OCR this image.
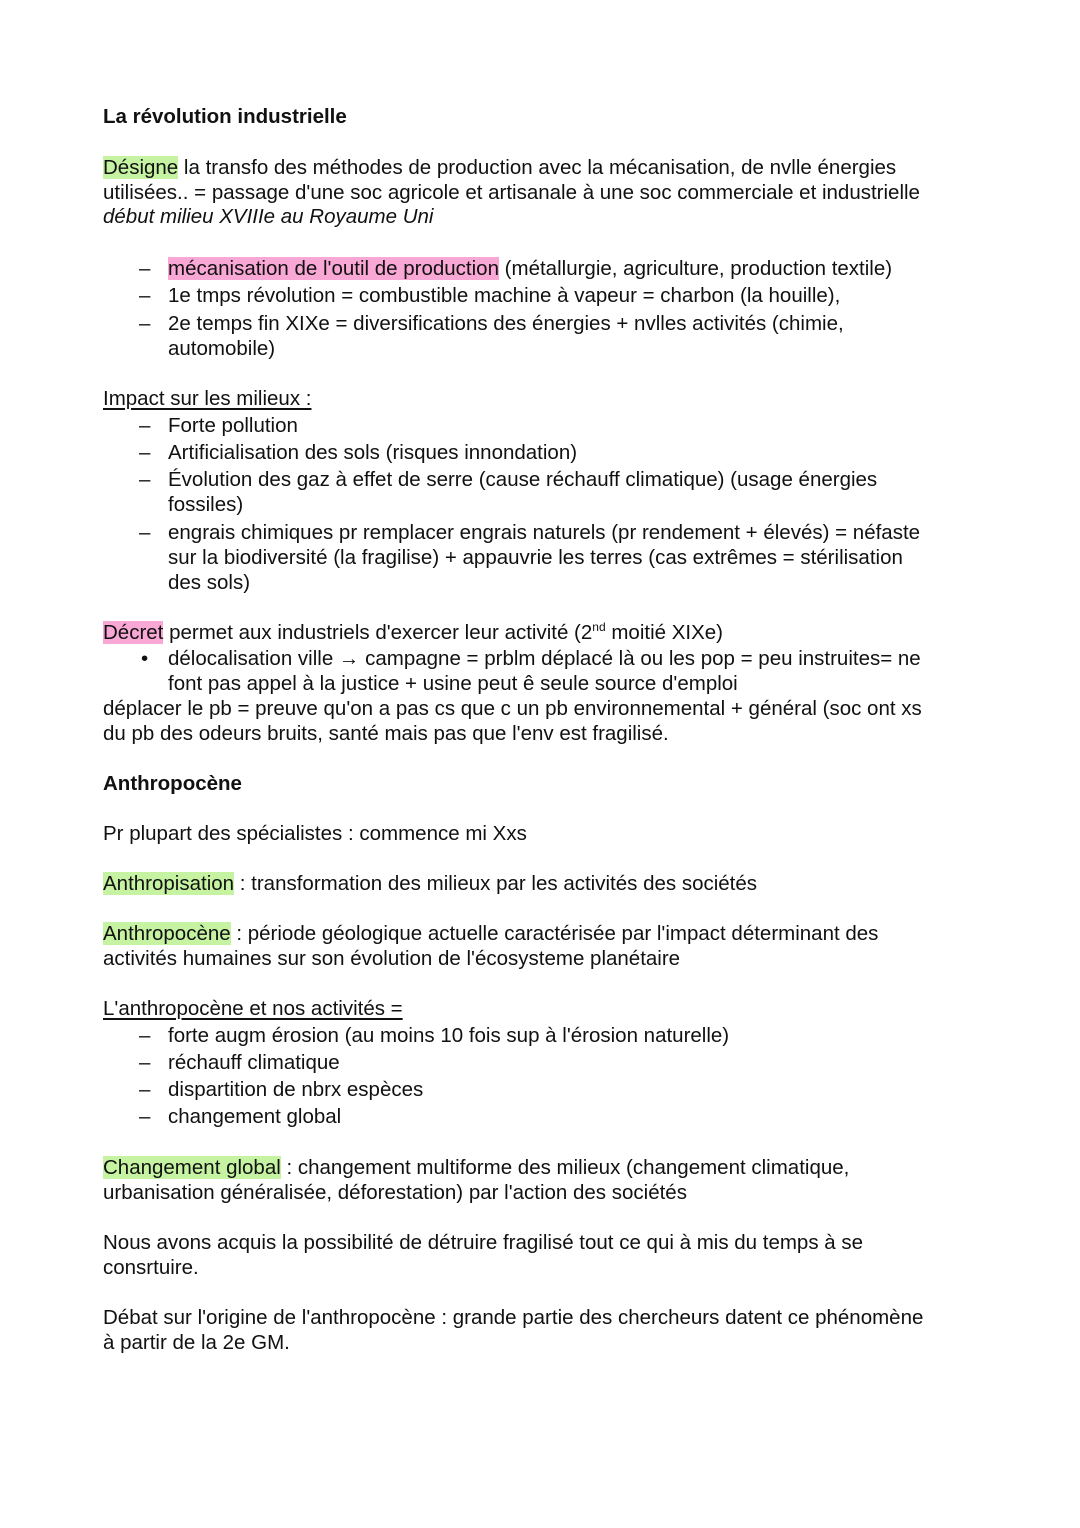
La révolution industrielle
Désigne la transfo des méthodes de production avec la mécanisation, de nvlle énergies
utilisées.. = passage d'une soc agricole et artisanale à une soc commerciale et industrielle
début milieu XVIIIe au Royaume Uni
– mécanisation de l'outil de production (métallurgie, agriculture, production textile)
– 1e tmps révolution = combustible machine à vapeur = charbon (la houille),
– 2e temps fin XIXe = diversifications des énergies + nvlles activités (chimie,
automobile)
Impact sur les milieux :
– Forte pollution
– Artificialisation des sols (risques innondation)
– Évolution des gaz à effet de serre (cause réchauff climatique) (usage énergies
fossiles)
– engrais chimiques pr remplacer engrais naturels (pr rendement + élevés) = néfaste
sur la biodiversité (la fragilise) + appauvrie les terres (cas extrêmes = stérilisation
des sols)
Décret permet aux industriels d'exercer leur activité (2nd moitié XIXe)
• délocalisation ville → campagne = prblm déplacé là ou les pop = peu instruites= ne
font pas appel à la justice + usine peut ê seule source d'emploi
déplacer le pb = preuve qu'on a pas cs que c un pb environnemental + général (soc ont xs
du pb des odeurs bruits, santé mais pas que l'env est fragilisé.
Anthropocène
Pr plupart des spécialistes : commence mi Xxs
Anthropisation : transformation des milieux par les activités des sociétés
Anthropocène : période géologique actuelle caractérisée par l'impact déterminant des
activités humaines sur son évolution de l'écosysteme planétaire
L'anthropocène et nos activités =
– forte augm érosion (au moins 10 fois sup à l'érosion naturelle)
– réchauff climatique
– dispartition de nbrx espèces
– changement global
Changement global : changement multiforme des milieux (changement climatique,
urbanisation généralisée, déforestation) par l'action des sociétés
Nous avons acquis la possibilité de détruire fragilisé tout ce qui à mis du temps à se
consrtuire.
Débat sur l'origine de l'anthropocène : grande partie des chercheurs datent ce phénomène
à partir de la 2e GM.
